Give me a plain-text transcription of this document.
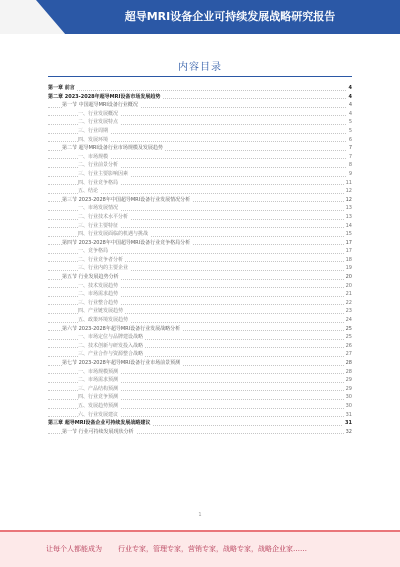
超导MRI设备企业可持续发展战略研究报告
内容目录
第一章 前言	4
第二章 2023-2028年超导MRI设备市场发展趋势	4
第一节 中国超导MRI设备行业概况	4
一、行业发展概况	4
二、行业发展特点	5
三、行业周期	5
四、发展环境	6
第二节 超导MRI设备行业市场规模及发展趋势	7
一、市场规模	7
二、行业前景分析	8
三、行业主要影响因素	9
四、行业竞争格局	11
五、结论	12
第三节 2023-2028年中国超导MRI设备行业发展情况分析	12
一、市场发展情况	13
二、行业技术水平分析	13
三、行业主要特征	14
四、行业发展面临的机遇与挑战	15
第四节 2023-2028年中国超导MRI设备行业竞争格局分析	17
一、竞争格局	17
二、行业竞争者分析	18
三、行业内的主要企业	19
第五节 行业发展趋势分析	20
一、技术发展趋势	20
二、市场需求趋势	21
三、行业整合趋势	22
四、产业链发展趋势	23
五、政策环境发展趋势	24
第六节 2023-2028年超导MRI设备行业发展战略分析	25
一、市场定位与品牌建设战略	25
二、技术创新与研发投入战略	26
三、产业合作与资源整合战略	27
第七节 2023-2028年超导MRI设备行业市场前景预测	28
一、市场规模预测	28
二、市场需求预测	29
三、产品结构预测	29
四、行业竞争预测	30
五、发展趋势预测	30
六、行业发展建议	31
第三章 超导MRI设备企业可持续发展战略建议	31
第一节 行业可持续发展现状分析	32
1
让每个人都能成为 行业专家，管理专家，营销专家，战略专家，战略企业家……
